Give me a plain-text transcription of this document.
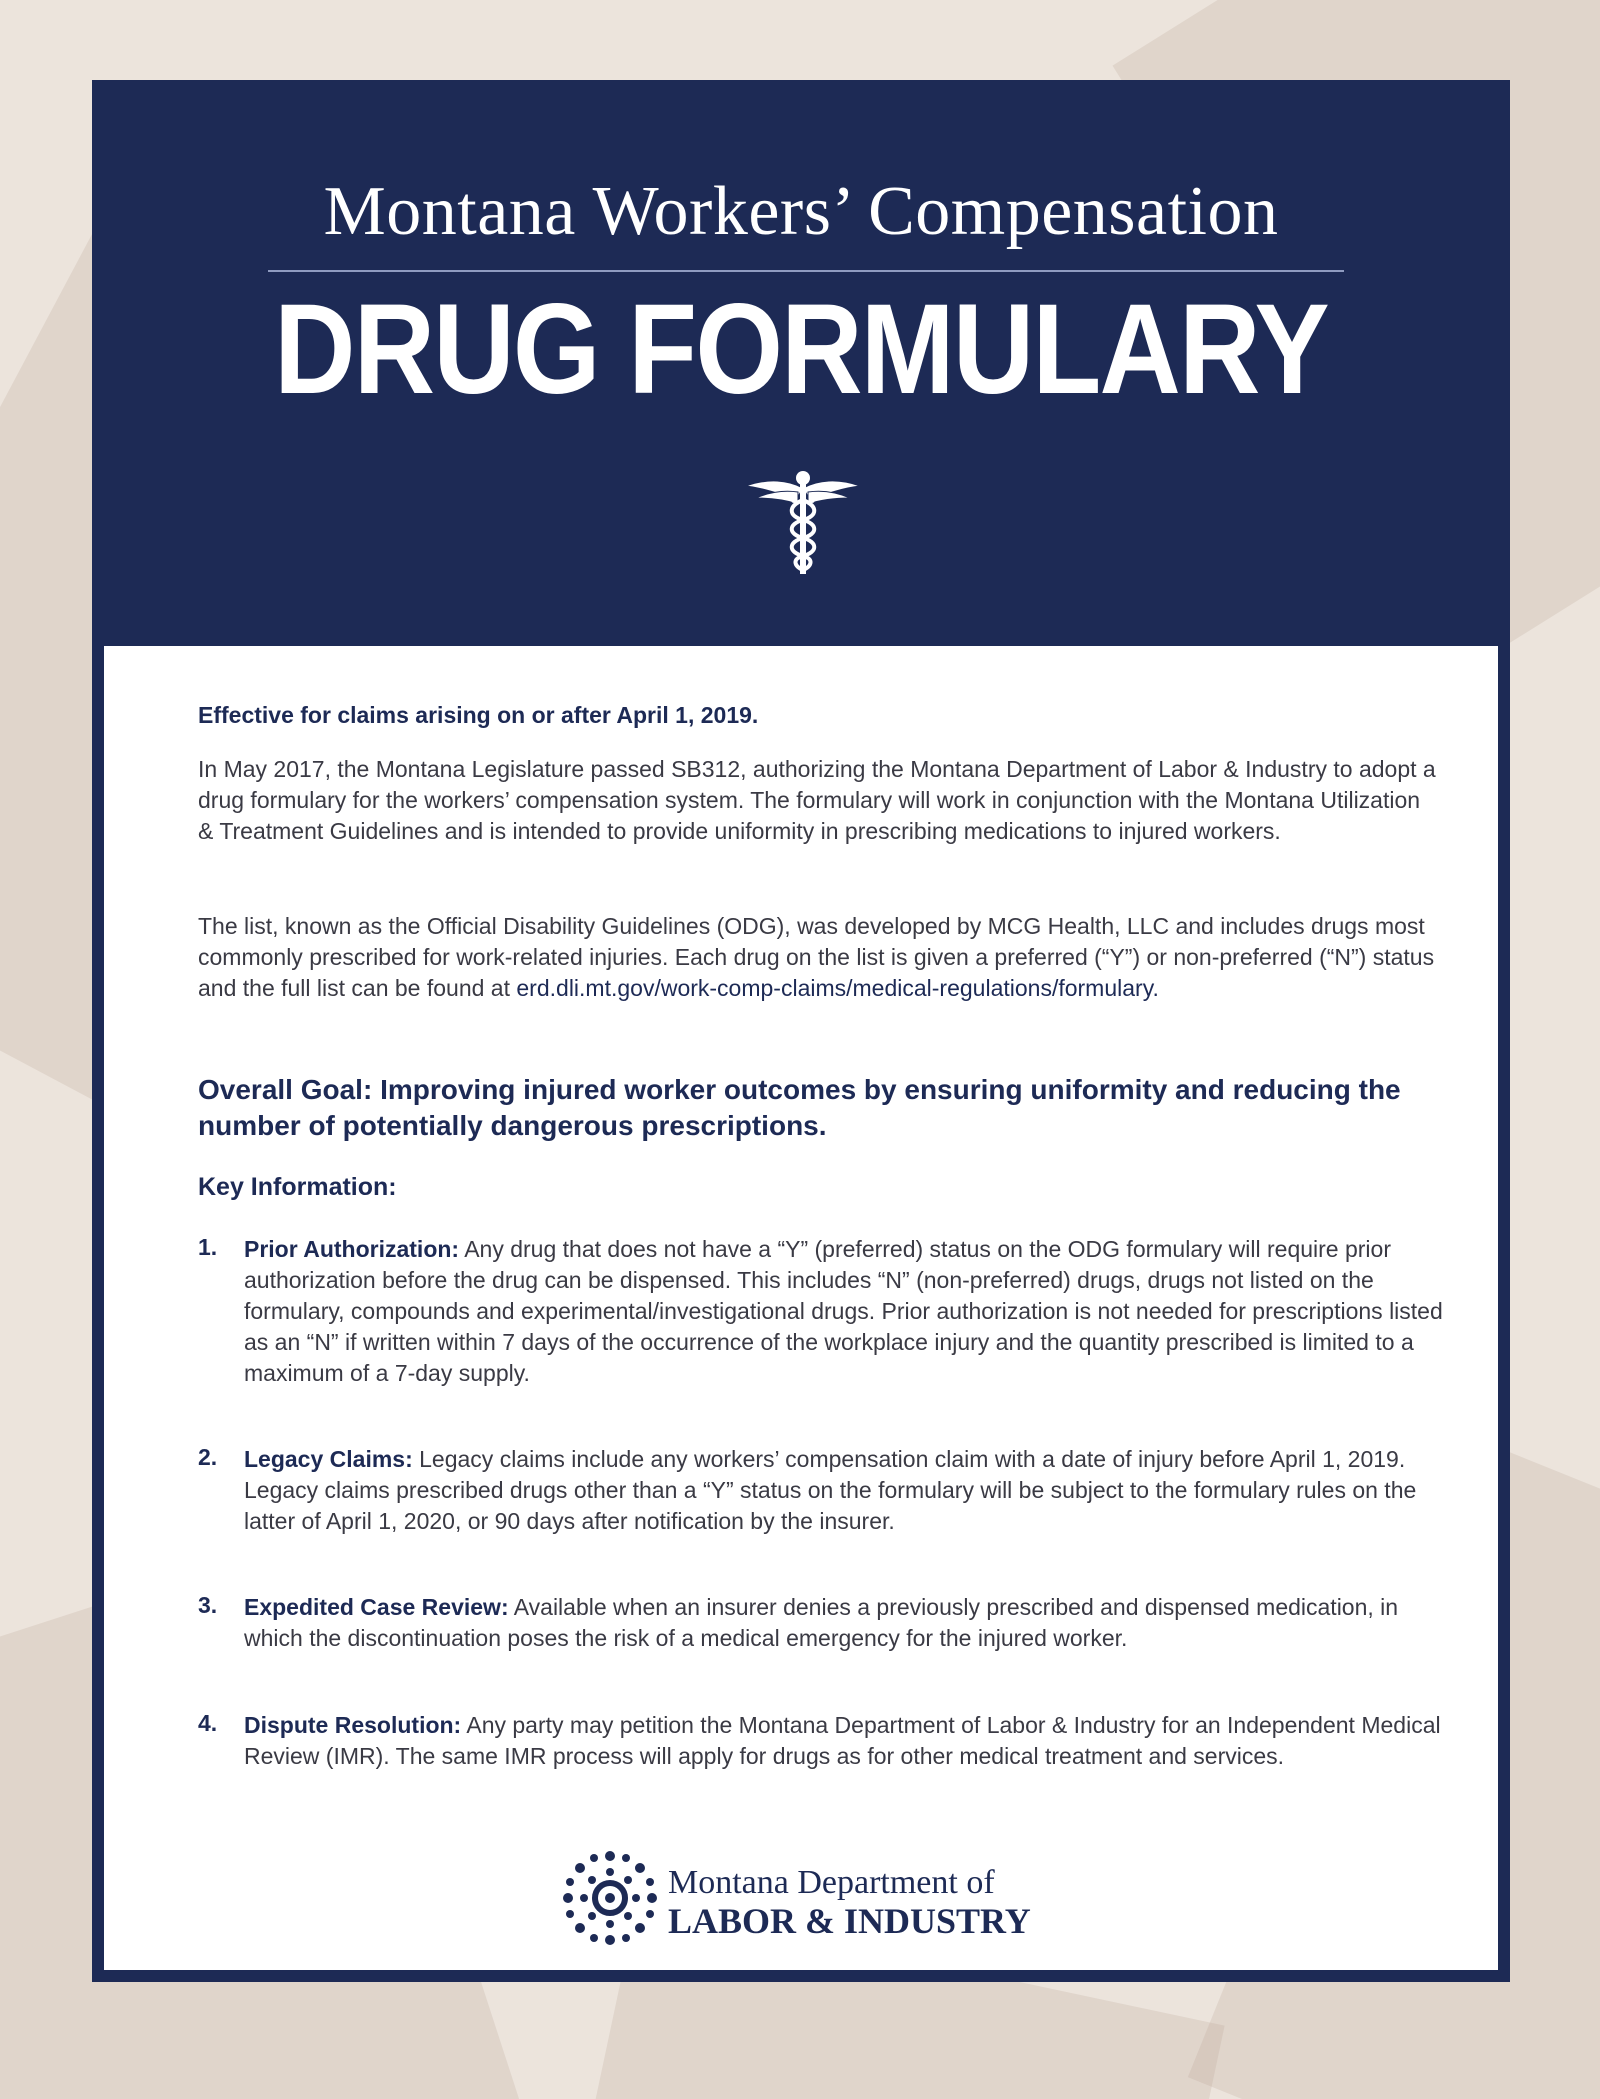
Montana Workers’ Compensation
DRUG FORMULARY
Effective for claims arising on or after April 1, 2019.

In May 2017, the Montana Legislature passed SB312, authorizing the Montana Department of Labor & Industry to adopt a drug formulary for the workers’ compensation system. The formulary will work in conjunction with the Montana Utilization & Treatment Guidelines and is intended to provide uniformity in prescribing medications to injured workers.

The list, known as the Official Disability Guidelines (ODG), was developed by MCG Health, LLC and includes drugs most commonly prescribed for work-related injuries. Each drug on the list is given a preferred (“Y”) or non-preferred (“N”) status and the full list can be found at erd.dli.mt.gov/work-comp-claims/medical-regulations/formulary.

Overall Goal: Improving injured worker outcomes by ensuring uniformity and reducing the number of potentially dangerous prescriptions.
Key Information:
1. Prior Authorization: Any drug that does not have a “Y” (preferred) status on the ODG formulary will require prior authorization before the drug can be dispensed. This includes “N” (non-preferred) drugs, drugs not listed on the formulary, compounds and experimental/investigational drugs. Prior authorization is not needed for prescriptions listed as an “N” if written within 7 days of the occurrence of the workplace injury and the quantity prescribed is limited to a maximum of a 7-day supply.
2. Legacy Claims: Legacy claims include any workers’ compensation claim with a date of injury before April 1, 2019. Legacy claims prescribed drugs other than a “Y” status on the formulary will be subject to the formulary rules on the latter of April 1, 2020, or 90 days after notification by the insurer.
3. Expedited Case Review: Available when an insurer denies a previously prescribed and dispensed medication, in which the discontinuation poses the risk of a medical emergency for the injured worker.
4. Dispute Resolution: Any party may petition the Montana Department of Labor & Industry for an Independent Medical Review (IMR). The same IMR process will apply for drugs as for other medical treatment and services.
Montana Department of
LABOR & INDUSTRY
